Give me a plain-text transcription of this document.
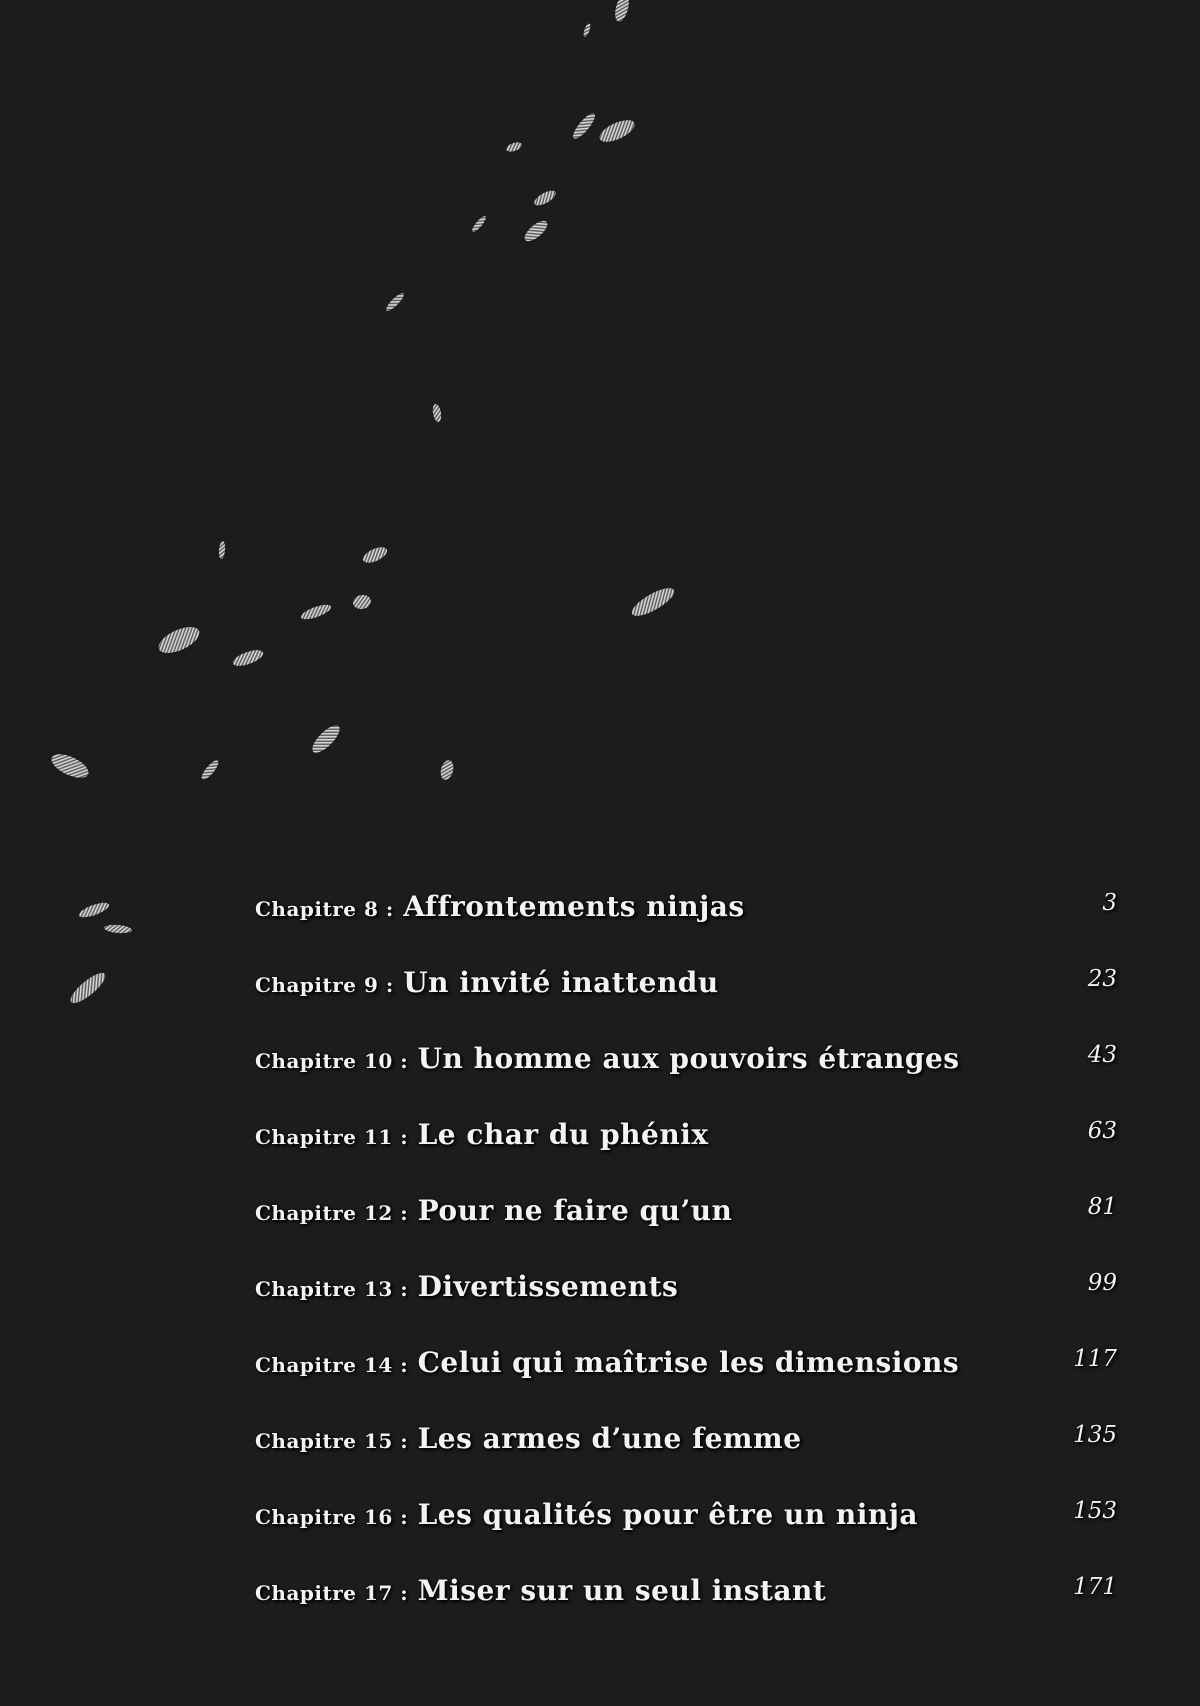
Chapitre 8 : Affrontements ninjas	3
Chapitre 9 : Un invité inattendu	23
Chapitre 10 : Un homme aux pouvoirs étranges	43
Chapitre 11 : Le char du phénix	63
Chapitre 12 : Pour ne faire qu’un	81
Chapitre 13 : Divertissements	99
Chapitre 14 : Celui qui maîtrise les dimensions	117
Chapitre 15 : Les armes d’une femme	135
Chapitre 16 : Les qualités pour être un ninja	153
Chapitre 17 : Miser sur un seul instant	171
